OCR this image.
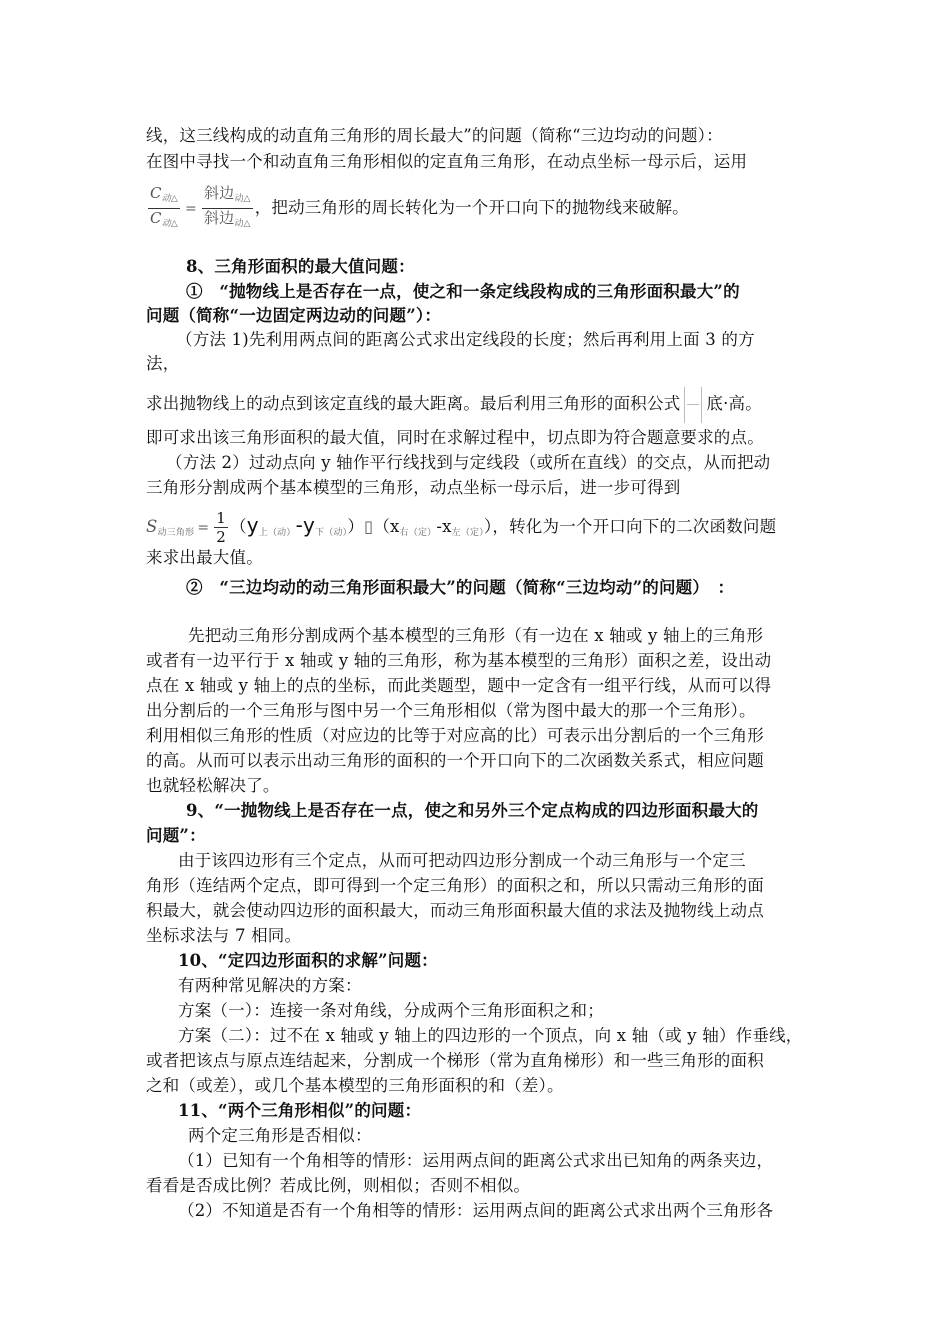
线，这三线构成的动直角三角形的周长最大”的问题（简称“三边均动的问题）：
在图中寻找一个和动直角三角形相似的定直角三角形，在动点坐标一母示后，运用
$\frac{C_{动\triangle}}{C_{动\triangle}} = \frac{斜边_{动\triangle}}{斜边_{动\triangle}}$ ，把动三角形的周长转化为一个开口向下的抛物线来破解。
8、三角形面积的最大值问题：
①　“抛物线上是否存在一点，使之和一条定线段构成的三角形面积最大”的
问题（简称“一边固定两边动的问题”）：
（方法 1)先利用两点间的距离公式求出定线段的长度；然后再利用上面 3 的方
法，
求出抛物线上的动点到该定直线的最大距离。最后利用三角形的面积公式 底·高。
即可求出该三角形面积的最大值，同时在求解过程中，切点即为符合题意要求的点。
（方法 2）过动点向 y 轴作平行线找到与定线段（或所在直线）的交点，从而把动
三角形分割成两个基本模型的三角形，动点坐标一母示后，进一步可得到
$S_{动三角形} = \frac{1}{2}$ $(y_{上(动)}-y_{下(动)})▯(x_{右(定)}-x_{左(定)})$，转化为一个开口向下的二次函数问题
来求出最大值。
②　“三边均动的动三角形面积最大”的问题（简称“三边均动”的问题）　：
先把动三角形分割成两个基本模型的三角形（有一边在 x 轴或 y 轴上的三角形
或者有一边平行于 x 轴或 y 轴的三角形，称为基本模型的三角形）面积之差，设出动
点在 x 轴或 y 轴上的点的坐标，而此类题型，题中一定含有一组平行线，从而可以得
出分割后的一个三角形与图中另一个三角形相似（常为图中最大的那一个三角形）。
利用相似三角形的性质（对应边的比等于对应高的比）可表示出分割后的一个三角形
的高。从而可以表示出动三角形的面积的一个开口向下的二次函数关系式，相应问题
也就轻松解决了。
9、“一抛物线上是否存在一点，使之和另外三个定点构成的四边形面积最大的
问题”：
由于该四边形有三个定点，从而可把动四边形分割成一个动三角形与一个定三
角形（连结两个定点，即可得到一个定三角形）的面积之和，所以只需动三角形的面
积最大，就会使动四边形的面积最大，而动三角形面积最大值的求法及抛物线上动点
坐标求法与 7 相同。
10、“定四边形面积的求解”问题：
有两种常见解决的方案：
方案（一）：连接一条对角线，分成两个三角形面积之和；
方案（二）：过不在 x 轴或 y 轴上的四边形的一个顶点，向 x 轴（或 y 轴）作垂线，
或者把该点与原点连结起来，分割成一个梯形（常为直角梯形）和一些三角形的面积
之和（或差），或几个基本模型的三角形面积的和（差）。
11、“两个三角形相似”的问题：
两个定三角形是否相似：
（1）已知有一个角相等的情形：运用两点间的距离公式求出已知角的两条夹边，
看看是否成比例？若成比例，则相似；否则不相似。
（2）不知道是否有一个角相等的情形：运用两点间的距离公式求出两个三角形各
